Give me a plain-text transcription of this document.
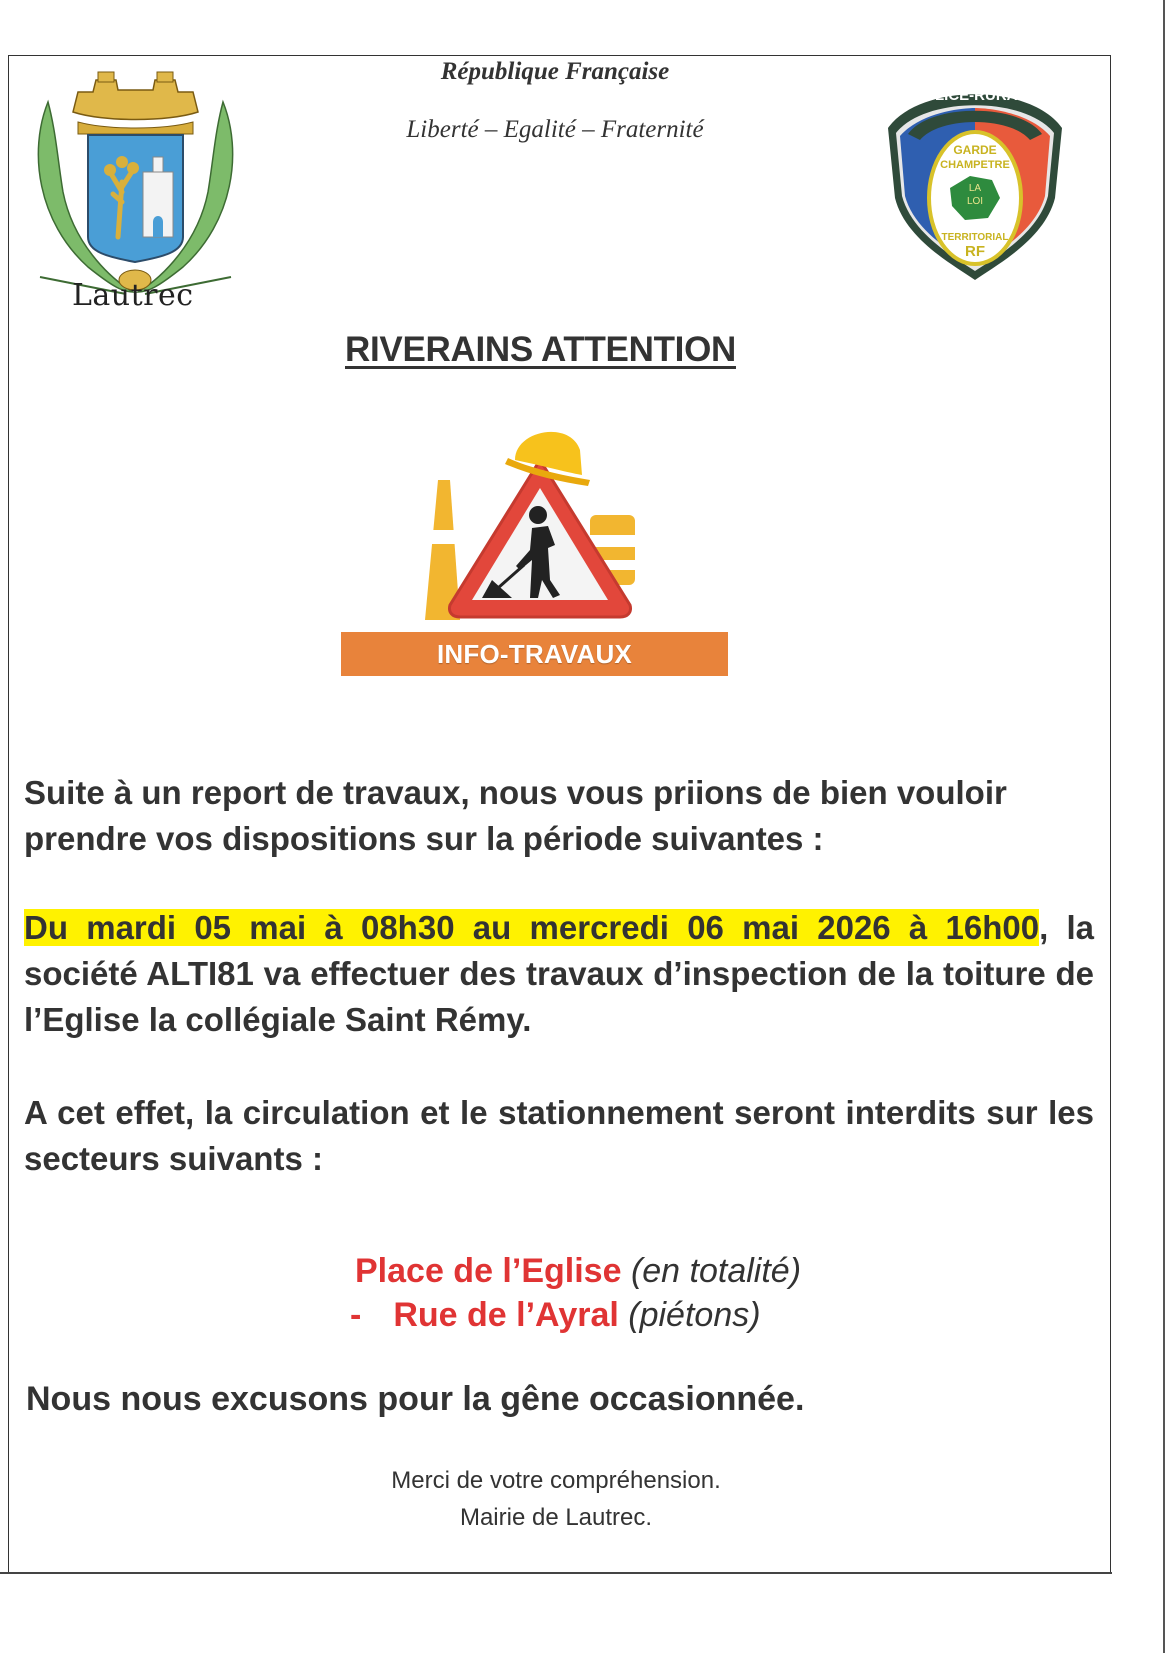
Lautrec
République Française
Liberté – Egalité – Fraternité
POLICE-RURALE
GARDE
CHAMPETRE
LA
LOI
TERRITORIAL
RF
RIVERAINS ATTENTION
INFO-TRAVAUX
Suite à un report de travaux, nous vous priions de bien vouloir prendre vos dispositions sur la période suivantes :
Du mardi 05 mai à 08h30 au mercredi 06 mai 2026 à 16h00, la société ALTI81 va effectuer des travaux d’inspection de la toiture de l’Eglise la collégiale Saint Rémy.
A cet effet, la circulation et le stationnement seront interdits sur les secteurs suivants :
Place de l’Eglise (en totalité)
- Rue de l’Ayral (piétons)
Nous nous excusons pour la gêne occasionnée.
Merci de votre compréhension.
Mairie de Lautrec.
